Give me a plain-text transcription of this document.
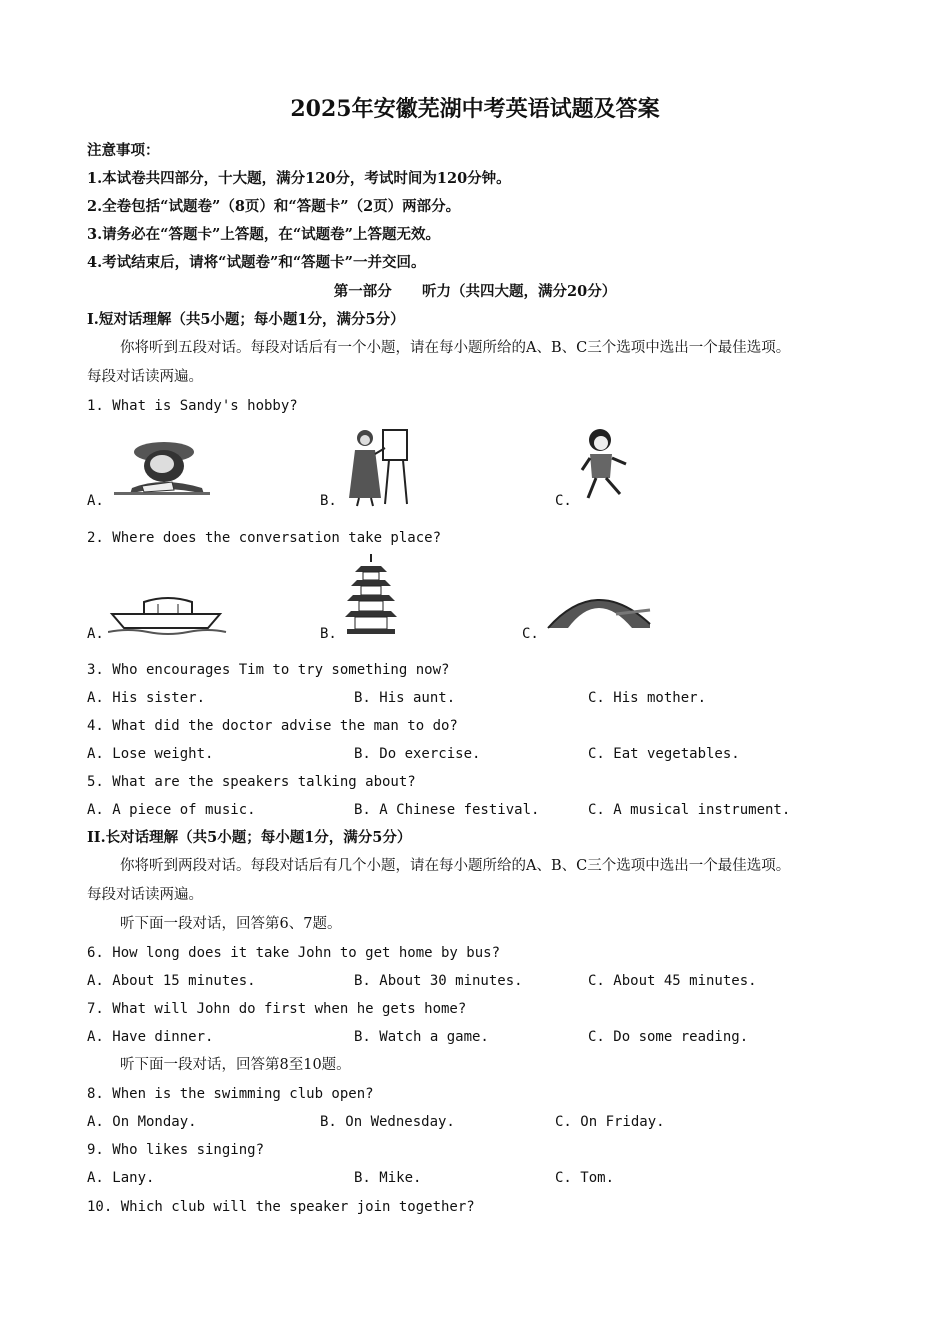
2025年安徽芜湖中考英语试题及答案
注意事项：
1.本试卷共四部分，十大题，满分120分，考试时间为120分钟。
2.全卷包括“试题卷”（8页）和“答题卡”（2页）两部分。
3.请务必在“答题卡”上答题，在“试题卷”上答题无效。
4.考试结束后，请将“试题卷”和“答题卡”一并交回。
第一部分      听力（共四大题，满分20分）
I.短对话理解（共5小题；每小题1分，满分5分）
你将听到五段对话。每段对话后有一个小题，请在每小题所给的A、B、C三个选项中选出一个最佳选项。
每段对话读两遍。
1. What is Sandy's hobby?
A.	B.	C.
2. Where does the conversation take place?
A.	B.	C.
3. Who encourages Tim to try something now?
A. His sister.	B. His aunt.	C. His mother.
4. What did the doctor advise the man to do?
A. Lose weight.	B. Do exercise.	C. Eat vegetables.
5. What are the speakers talking about?
A. A piece of music.	B. A Chinese festival.	C. A musical instrument.
II.长对话理解（共5小题；每小题1分，满分5分）
你将听到两段对话。每段对话后有几个小题，请在每小题所给的A、B、C三个选项中选出一个最佳选项。
每段对话读两遍。
听下面一段对话，回答第6、7题。
6. How long does it take John to get home by bus?
A. About 15 minutes.	B. About 30 minutes.	C. About 45 minutes.
7. What will John do first when he gets home?
A. Have dinner.	B. Watch a game.	C. Do some reading.
听下面一段对话，回答第8至10题。
8. When is the swimming club open?
A. On Monday.	B. On Wednesday.	C. On Friday.
9. Who likes singing?
A. Lany.	B. Mike.	C. Tom.
10. Which club will the speaker join together?
